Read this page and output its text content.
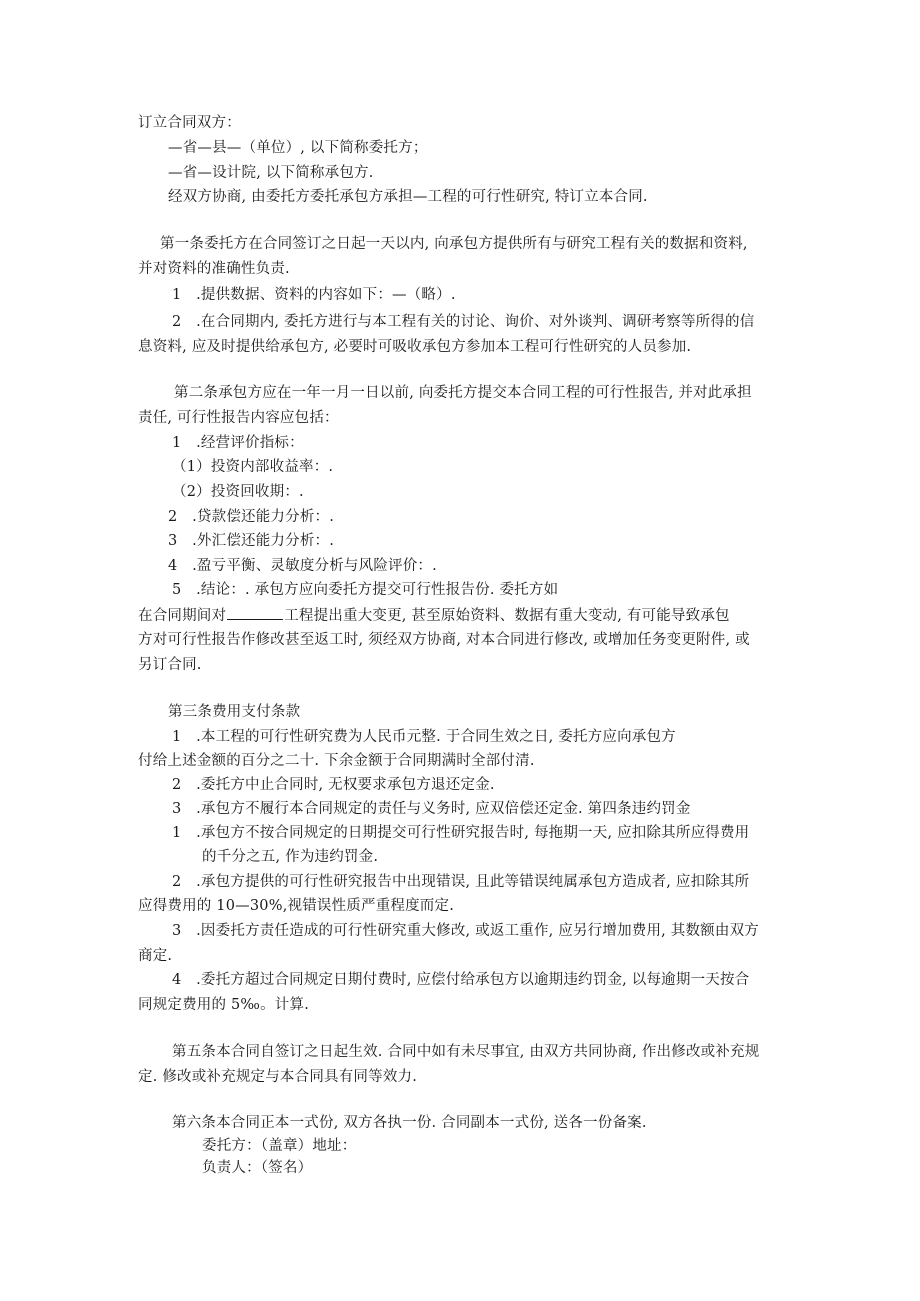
订立合同双方：
—省—县—（单位）, 以下简称委托方；
—省—设计院, 以下简称承包方.
经双方协商, 由委托方委托承包方承担—工程的可行性研究, 特订立本合同.
第一条委托方在合同签订之日起一天以内, 向承包方提供所有与研究工程有关的数据和资料,
并对资料的准确性负责.
1　.提供数据、资料的内容如下：—（略）.
2　.在合同期内, 委托方进行与本工程有关的讨论、询价、对外谈判、调研考察等所得的信
息资料, 应及时提供给承包方, 必要时可吸收承包方参加本工程可行性研究的人员参加.
第二条承包方应在一年一月一日以前, 向委托方提交本合同工程的可行性报告, 并对此承担
责任, 可行性报告内容应包括：
1　.经营评价指标：
（1）投资内部收益率：.
（2）投资回收期：.
2　.贷款偿还能力分析：.
3　.外汇偿还能力分析：.
4　.盈亏平衡、灵敏度分析与风险评价：.
5　.结论：. 承包方应向委托方提交可行性报告份. 委托方如
在合同期间对	工程提出重大变更, 甚至原始资料、数据有重大变动, 有可能导致承包
方对可行性报告作修改甚至返工时, 须经双方协商, 对本合同进行修改, 或增加任务变更附件, 或
另订合同.
第三条费用支付条款
1　.本工程的可行性研究费为人民币元整. 于合同生效之日, 委托方应向承包方
付给上述金额的百分之二十. 下余金额于合同期满时全部付清.
2　.委托方中止合同时, 无权要求承包方退还定金.
3　.承包方不履行本合同规定的责任与义务时, 应双倍偿还定金. 第四条违约罚金
1　.承包方不按合同规定的日期提交可行性研究报告时, 每拖期一天, 应扣除其所应得费用
的千分之五, 作为违约罚金.
2　.承包方提供的可行性研究报告中出现错误, 且此等错误纯属承包方造成者, 应扣除其所
应得费用的 10—30%,视错误性质严重程度而定.
3　.因委托方责任造成的可行性研究重大修改, 或返工重作, 应另行增加费用, 其数额由双方
商定.
4　.委托方超过合同规定日期付费时, 应偿付给承包方以逾期违约罚金, 以每逾期一天按合
同规定费用的 5‰。计算.
第五条本合同自签订之日起生效. 合同中如有未尽事宜, 由双方共同协商, 作出修改或补充规
定. 修改或补充规定与本合同具有同等效力.
第六条本合同正本一式份, 双方各执一份. 合同副本一式份, 送各一份备案.
委托方：（盖章）地址：
负责人：（签名）
